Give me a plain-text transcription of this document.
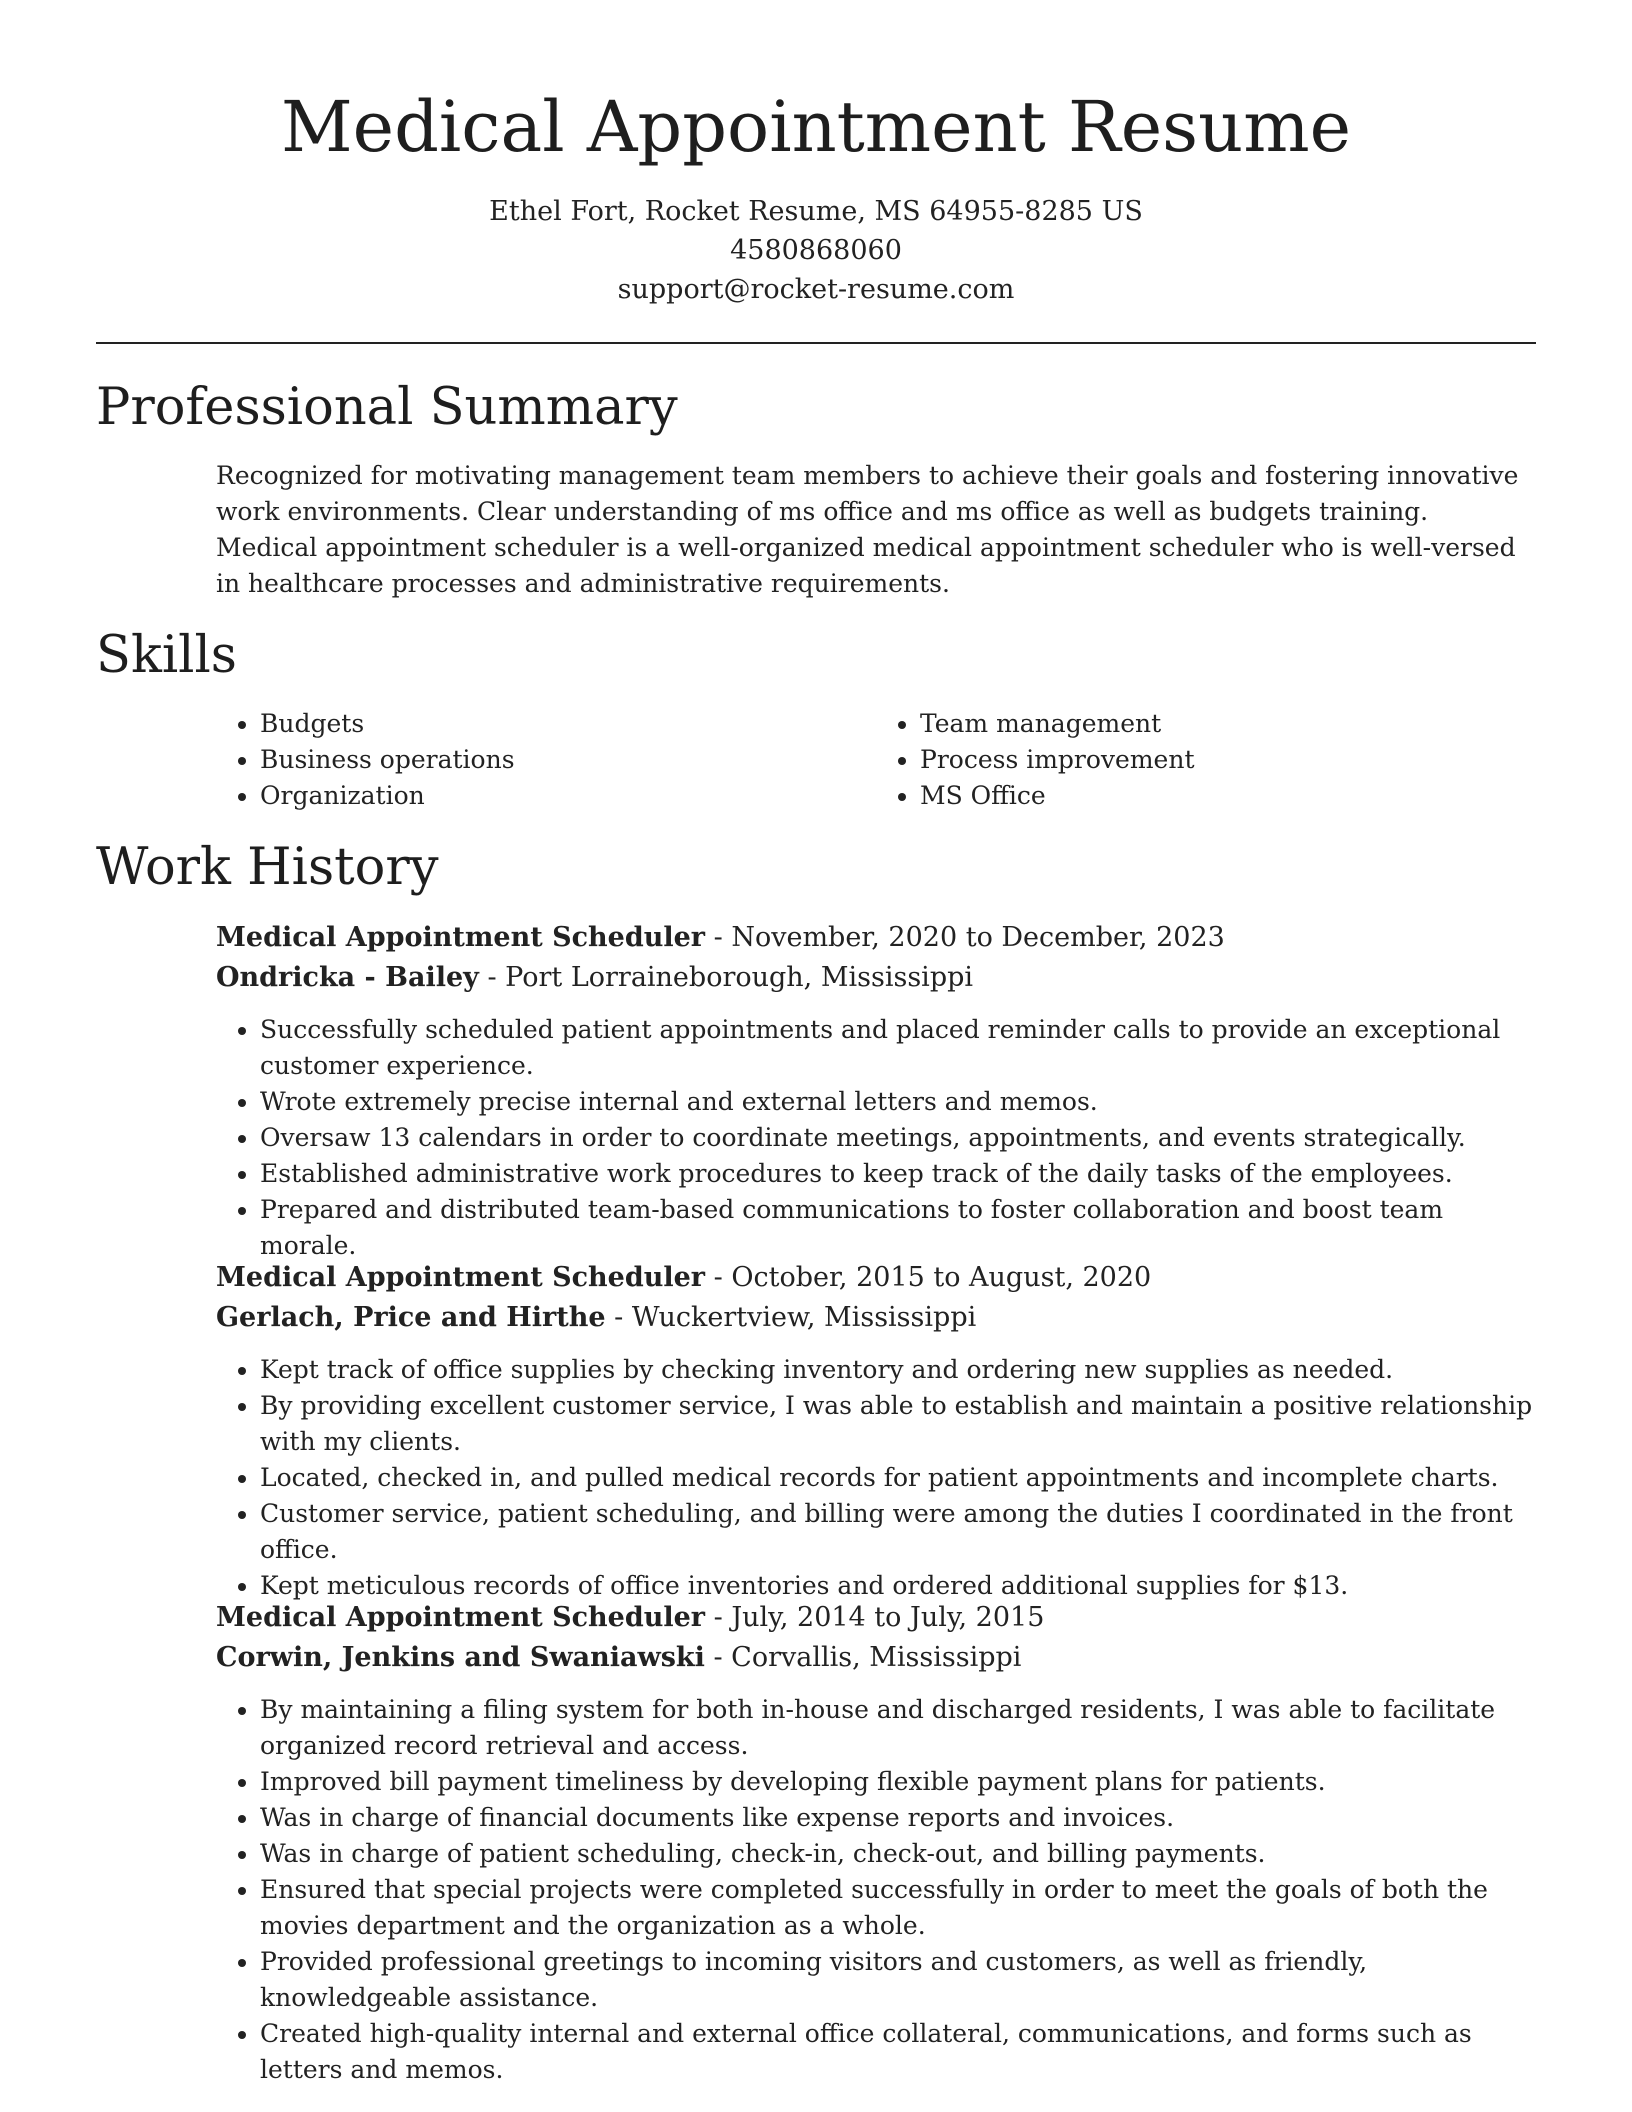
Medical Appointment Resume
Ethel Fort, Rocket Resume, MS 64955-8285 US
4580868060
support@rocket-resume.com
Professional Summary

Recognized for motivating management team members to achieve their goals and fostering innovative work environments. Clear understanding of ms office and ms office as well as budgets training. Medical appointment scheduler is a well-organized medical appointment scheduler who is well-versed in healthcare processes and administrative requirements.

Skills
• Budgets
• Business operations
• Organization
• Team management
• Process improvement
• MS Office
Work History

Medical Appointment Scheduler - November, 2020 to December, 2023

Ondricka - Bailey - Port Lorraineborough, Mississippi

• Successfully scheduled patient appointments and placed reminder calls to provide an exceptional customer experience.
• Wrote extremely precise internal and external letters and memos.
• Oversaw 13 calendars in order to coordinate meetings, appointments, and events strategically.
• Established administrative work procedures to keep track of the daily tasks of the employees.
• Prepared and distributed team-based communications to foster collaboration and boost team morale.

Medical Appointment Scheduler - October, 2015 to August, 2020

Gerlach, Price and Hirthe - Wuckertview, Mississippi

• Kept track of office supplies by checking inventory and ordering new supplies as needed.
• By providing excellent customer service, I was able to establish and maintain a positive relationship with my clients.
• Located, checked in, and pulled medical records for patient appointments and incomplete charts.
• Customer service, patient scheduling, and billing were among the duties I coordinated in the front office.
• Kept meticulous records of office inventories and ordered additional supplies for $13.

Medical Appointment Scheduler - July, 2014 to July, 2015

Corwin, Jenkins and Swaniawski - Corvallis, Mississippi

• By maintaining a filing system for both in-house and discharged residents, I was able to facilitate organized record retrieval and access.
• Improved bill payment timeliness by developing flexible payment plans for patients.
• Was in charge of financial documents like expense reports and invoices.
• Was in charge of patient scheduling, check-in, check-out, and billing payments.
• Ensured that special projects were completed successfully in order to meet the goals of both the movies department and the organization as a whole.
• Provided professional greetings to incoming visitors and customers, as well as friendly, knowledgeable assistance.
• Created high-quality internal and external office collateral, communications, and forms such as letters and memos.
